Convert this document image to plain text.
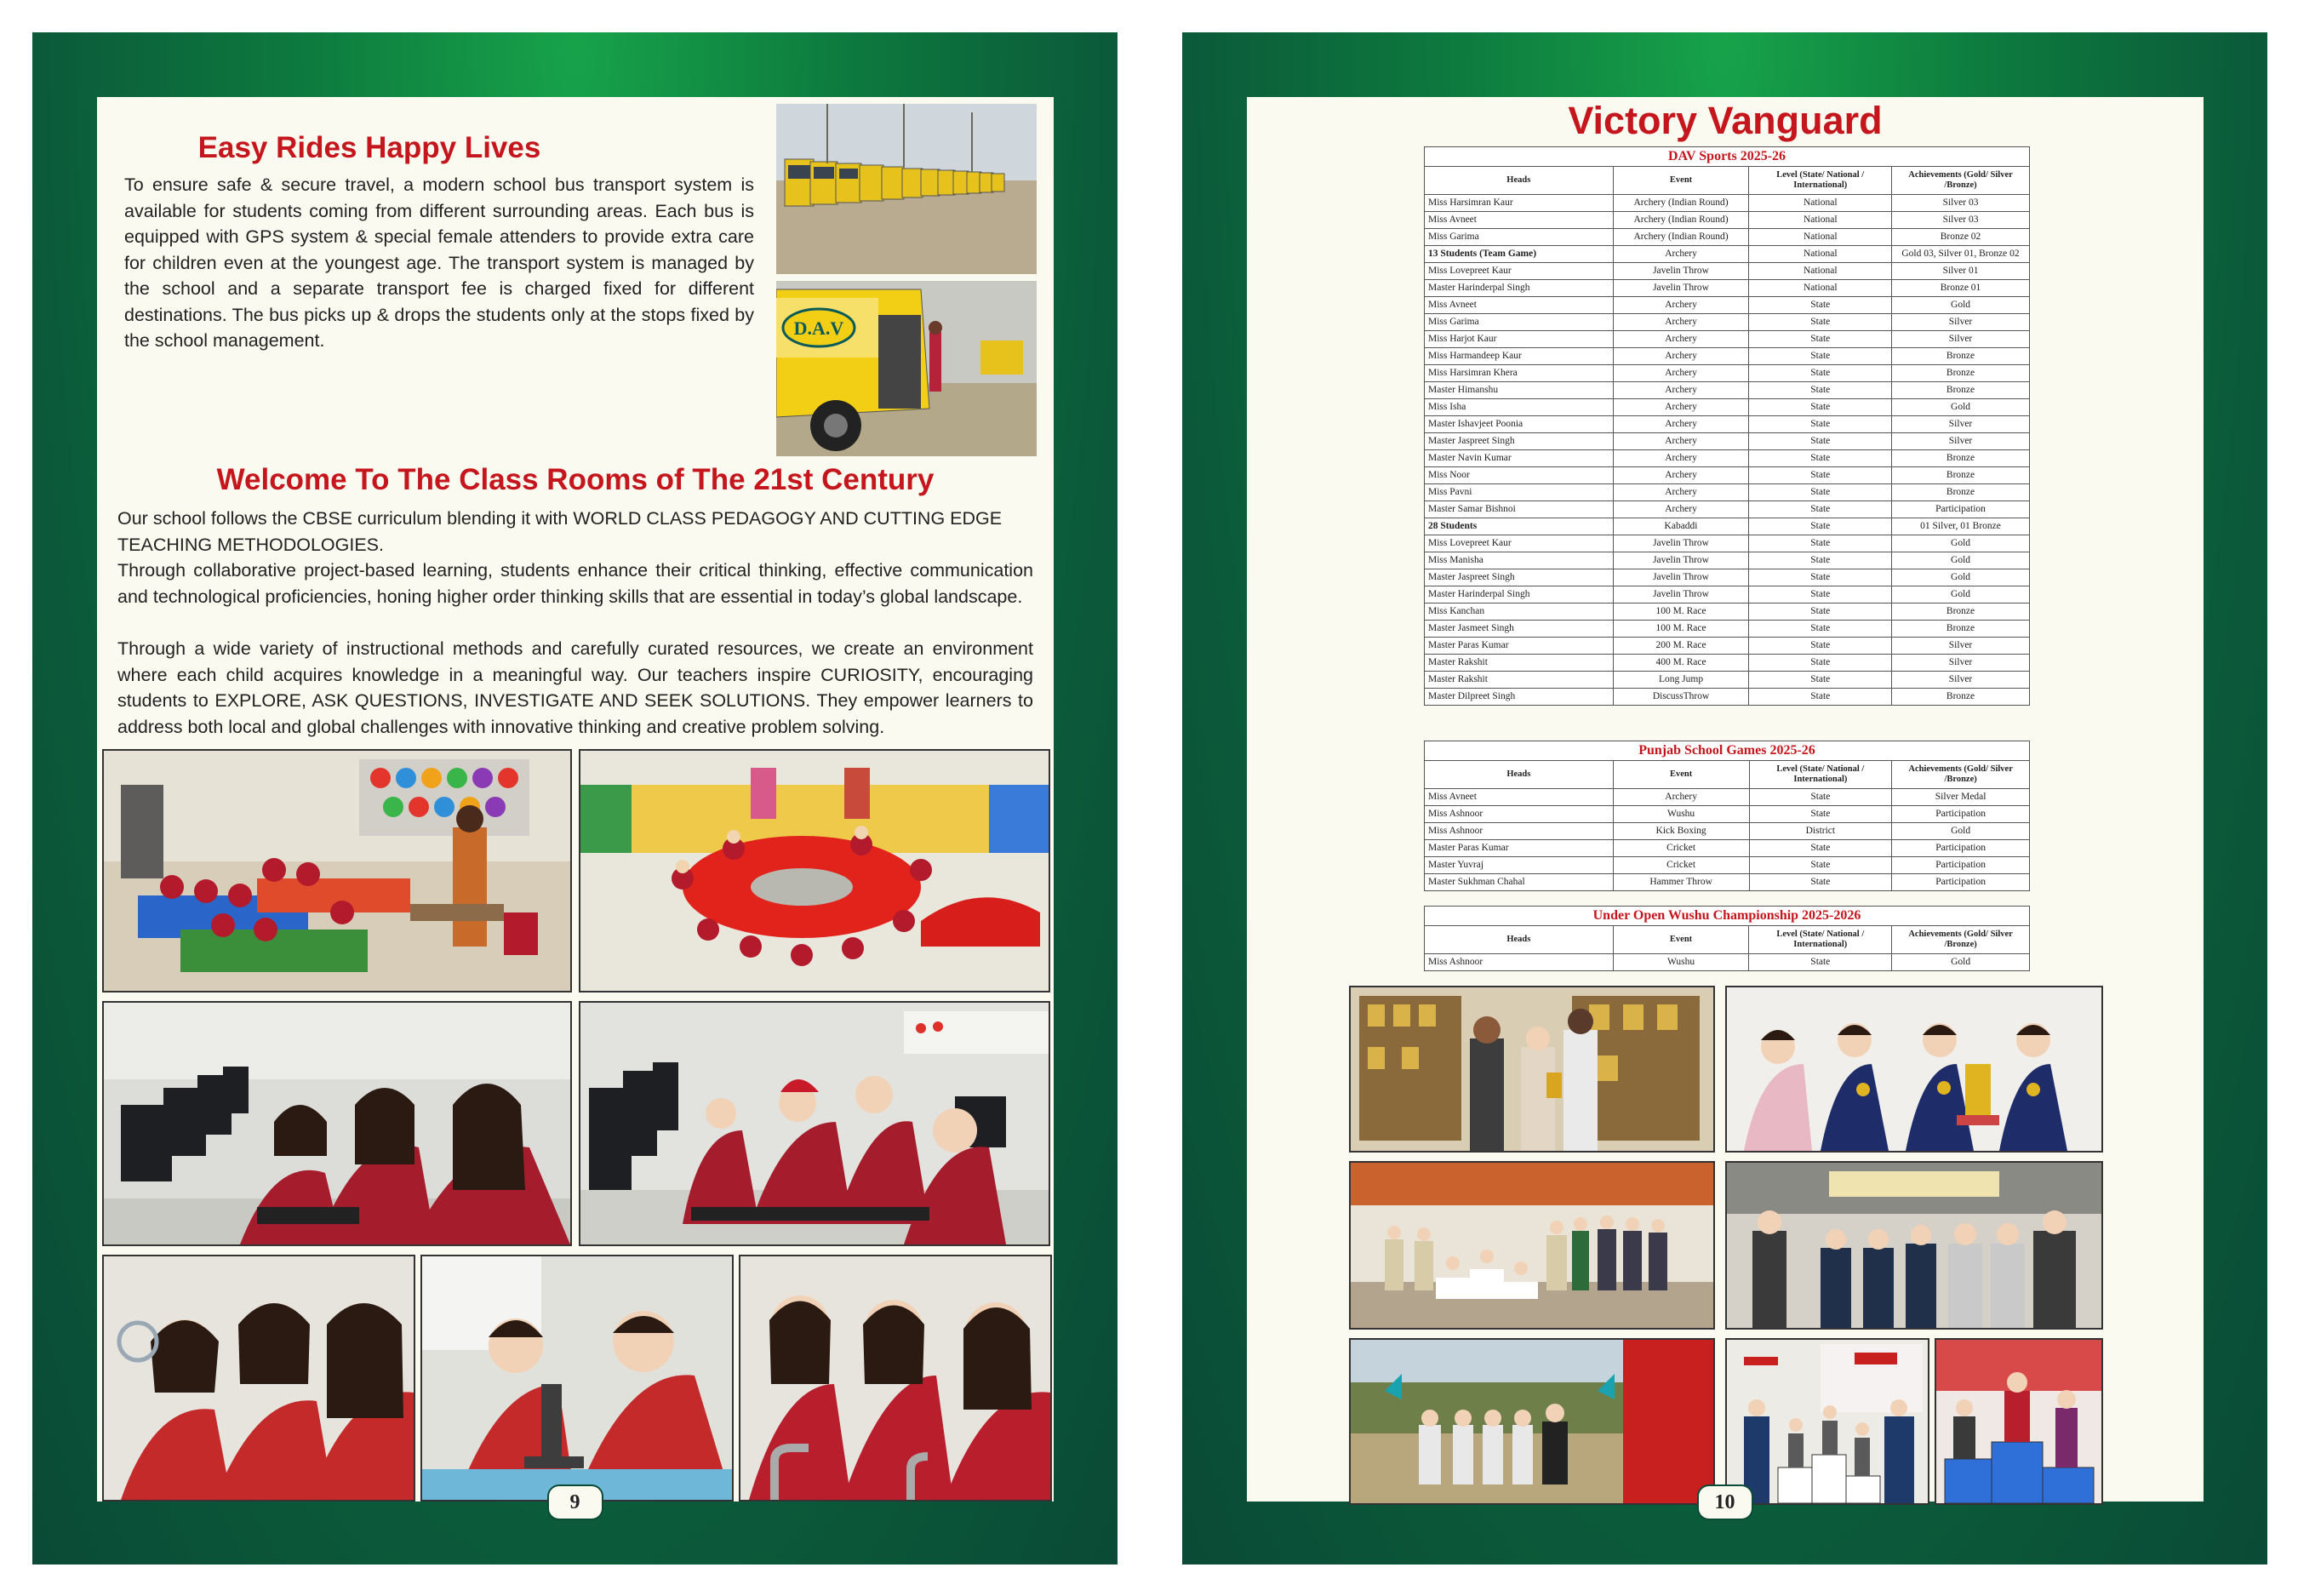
Easy Rides Happy Lives
To ensure safe & secure travel, a modern school bus transport system is available for students coming from different surrounding areas. Each bus is equipped with GPS system & special female attenders to provide extra care for children even at the youngest age. The transport system is managed by the school and a separate transport fee is charged fixed for different destinations. The bus picks up & drops the students only at the stops fixed by the school management.
D.A.V
Welcome To The Class Rooms of The 21st Century
Our school follows the CBSE curriculum blending it with WORLD CLASS PEDAGOGY AND CUTTING EDGE TEACHING METHODOLOGIES.
Through collaborative project-based learning, students enhance their critical thinking, effective communication and technological proficiencies, honing higher order thinking skills that are essential in today’s global landscape.
Through a wide variety of instructional methods and carefully curated resources, we create an environment where each child acquires knowledge in a meaningful way. Our teachers inspire CURIOSITY, encouraging students to EXPLORE, ASK QUESTIONS, INVESTIGATE AND SEEK SOLUTIONS. They empower learners to address both local and global challenges with innovative thinking and creative problem solving.
9
Victory Vanguard
DAV Sports 2025-26			
Heads	Event	Level (State/ National / International)	Achievements (Gold/ Silver /Bronze)
Miss Harsimran Kaur	Archery (Indian Round)	National	Silver 03
Miss Avneet	Archery (Indian Round)	National	Silver 03
Miss Garima	Archery (Indian Round)	National	Bronze 02
13 Students (Team Game)	Archery	National	Gold 03, Silver 01, Bronze 02
Miss Lovepreet Kaur	Javelin Throw	National	Silver 01
Master Harinderpal Singh	Javelin Throw	National	Bronze 01
Miss Avneet	Archery	State	Gold
Miss Garima	Archery	State	Silver
Miss Harjot Kaur	Archery	State	Silver
Miss Harmandeep Kaur	Archery	State	Bronze
Miss Harsimran Khera	Archery	State	Bronze
Master Himanshu	Archery	State	Bronze
Miss Isha	Archery	State	Gold
Master Ishavjeet Poonia	Archery	State	Silver
Master Jaspreet Singh	Archery	State	Silver
Master Navin Kumar	Archery	State	Bronze
Miss Noor	Archery	State	Bronze
Miss Pavni	Archery	State	Bronze
Master Samar Bishnoi	Archery	State	Participation
28 Students	Kabaddi	State	01 Silver, 01 Bronze
Miss Lovepreet Kaur	Javelin Throw	State	Gold
Miss Manisha	Javelin Throw	State	Gold
Master Jaspreet Singh	Javelin Throw	State	Gold
Master Harinderpal Singh	Javelin Throw	State	Gold
Miss Kanchan	100 M. Race	State	Bronze
Master Jasmeet Singh	100 M. Race	State	Bronze
Master Paras Kumar	200 M. Race	State	Silver
Master Rakshit	400 M. Race	State	Silver
Master Rakshit	Long Jump	State	Silver
Master Dilpreet Singh	DiscussThrow	State	Bronze
Punjab School Games 2025-26			
Heads	Event	Level (State/ National / International)	Achievements (Gold/ Silver /Bronze)
Miss Avneet	Archery	State	Silver Medal
Miss Ashnoor	Wushu	State	Participation
Miss Ashnoor	Kick Boxing	District	Gold
Master Paras Kumar	Cricket	State	Participation
Master Yuvraj	Cricket	State	Participation
Master Sukhman Chahal	Hammer Throw	State	Participation
Under Open Wushu Championship 2025-2026			
Heads	Event	Level (State/ National / International)	Achievements (Gold/ Silver /Bronze)
Miss Ashnoor	Wushu	State	Gold
10
